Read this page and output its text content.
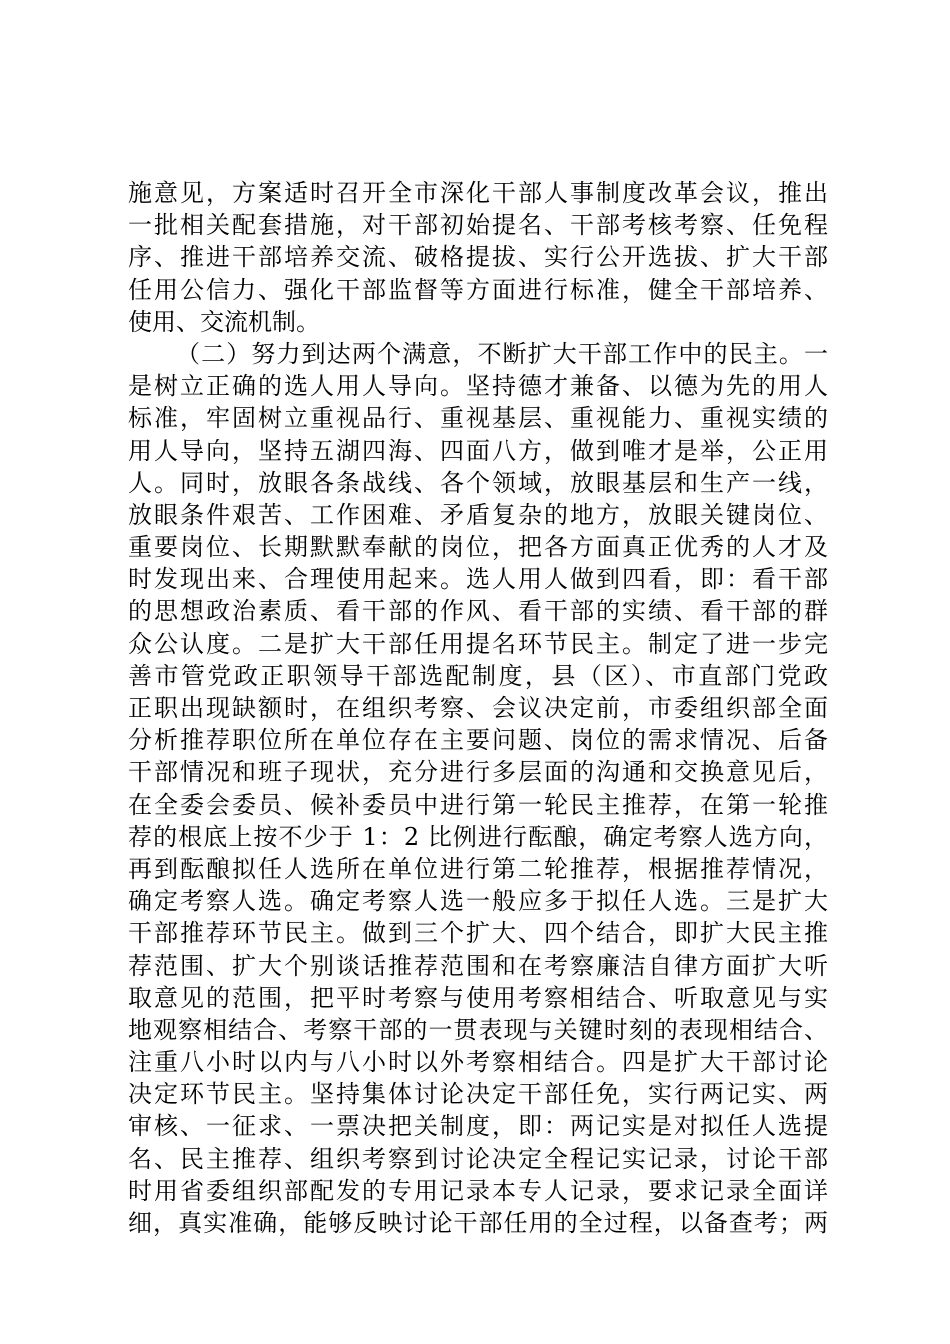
施意见，方案适时召开全市深化干部人事制度改革会议，推出
一批相关配套措施，对干部初始提名、干部考核考察、任免程
序、推进干部培养交流、破格提拔、实行公开选拔、扩大干部
任用公信力、强化干部监督等方面进行标准，健全干部培养、
使用、交流机制。
（二）努力到达两个满意，不断扩大干部工作中的民主。一
是树立正确的选人用人导向。坚持德才兼备、以德为先的用人
标准，牢固树立重视品行、重视基层、重视能力、重视实绩的
用人导向，坚持五湖四海、四面八方，做到唯才是举，公正用
人。同时，放眼各条战线、各个领域，放眼基层和生产一线，
放眼条件艰苦、工作困难、矛盾复杂的地方，放眼关键岗位、
重要岗位、长期默默奉献的岗位，把各方面真正优秀的人才及
时发现出来、合理使用起来。选人用人做到四看，即：看干部
的思想政治素质、看干部的作风、看干部的实绩、看干部的群
众公认度。二是扩大干部任用提名环节民主。制定了进一步完
善市管党政正职领导干部选配制度，县（区）、市直部门党政
正职出现缺额时，在组织考察、会议决定前，市委组织部全面
分析推荐职位所在单位存在主要问题、岗位的需求情况、后备
干部情况和班子现状，充分进行多层面的沟通和交换意见后，
在全委会委员、候补委员中进行第一轮民主推荐，在第一轮推
荐的根底上按不少于 1：2 比例进行酝酿，确定考察人选方向，
再到酝酿拟任人选所在单位进行第二轮推荐，根据推荐情况，
确定考察人选。确定考察人选一般应多于拟任人选。三是扩大
干部推荐环节民主。做到三个扩大、四个结合，即扩大民主推
荐范围、扩大个别谈话推荐范围和在考察廉洁自律方面扩大听
取意见的范围，把平时考察与使用考察相结合、听取意见与实
地观察相结合、考察干部的一贯表现与关键时刻的表现相结合、
注重八小时以内与八小时以外考察相结合。四是扩大干部讨论
决定环节民主。坚持集体讨论决定干部任免，实行两记实、两
审核、一征求、一票决把关制度，即：两记实是对拟任人选提
名、民主推荐、组织考察到讨论决定全程记实记录，讨论干部
时用省委组织部配发的专用记录本专人记录，要求记录全面详
细，真实准确，能够反映讨论干部任用的全过程，以备查考；两
